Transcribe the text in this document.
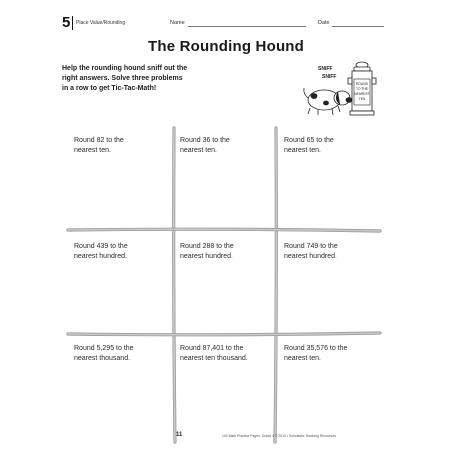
5 Place Value/Rounding	Name	Date
The Rounding Hound
Help the rounding hound sniff out the
right answers. Solve three problems
in a row to get Tic-Tac-Math!
ROUND
TO THE
NEAREST
TEN
SNIFF
SNIFF
Round 82 to the
nearest ten.
Round 36 to the
nearest ten.
Round 65 to the
nearest ten.
Round 439 to the
nearest hundred.
Round 288 to the
nearest hundred.
Round 749 to the
nearest hundred.
Round 5,295 to the
nearest thousand.
Round 87,401 to the
nearest ten thousand.
Round 35,576 to the
nearest ten.
11	100 Math Practice Pages, Grade 4 © 2013 • Scholastic Teaching Resources
